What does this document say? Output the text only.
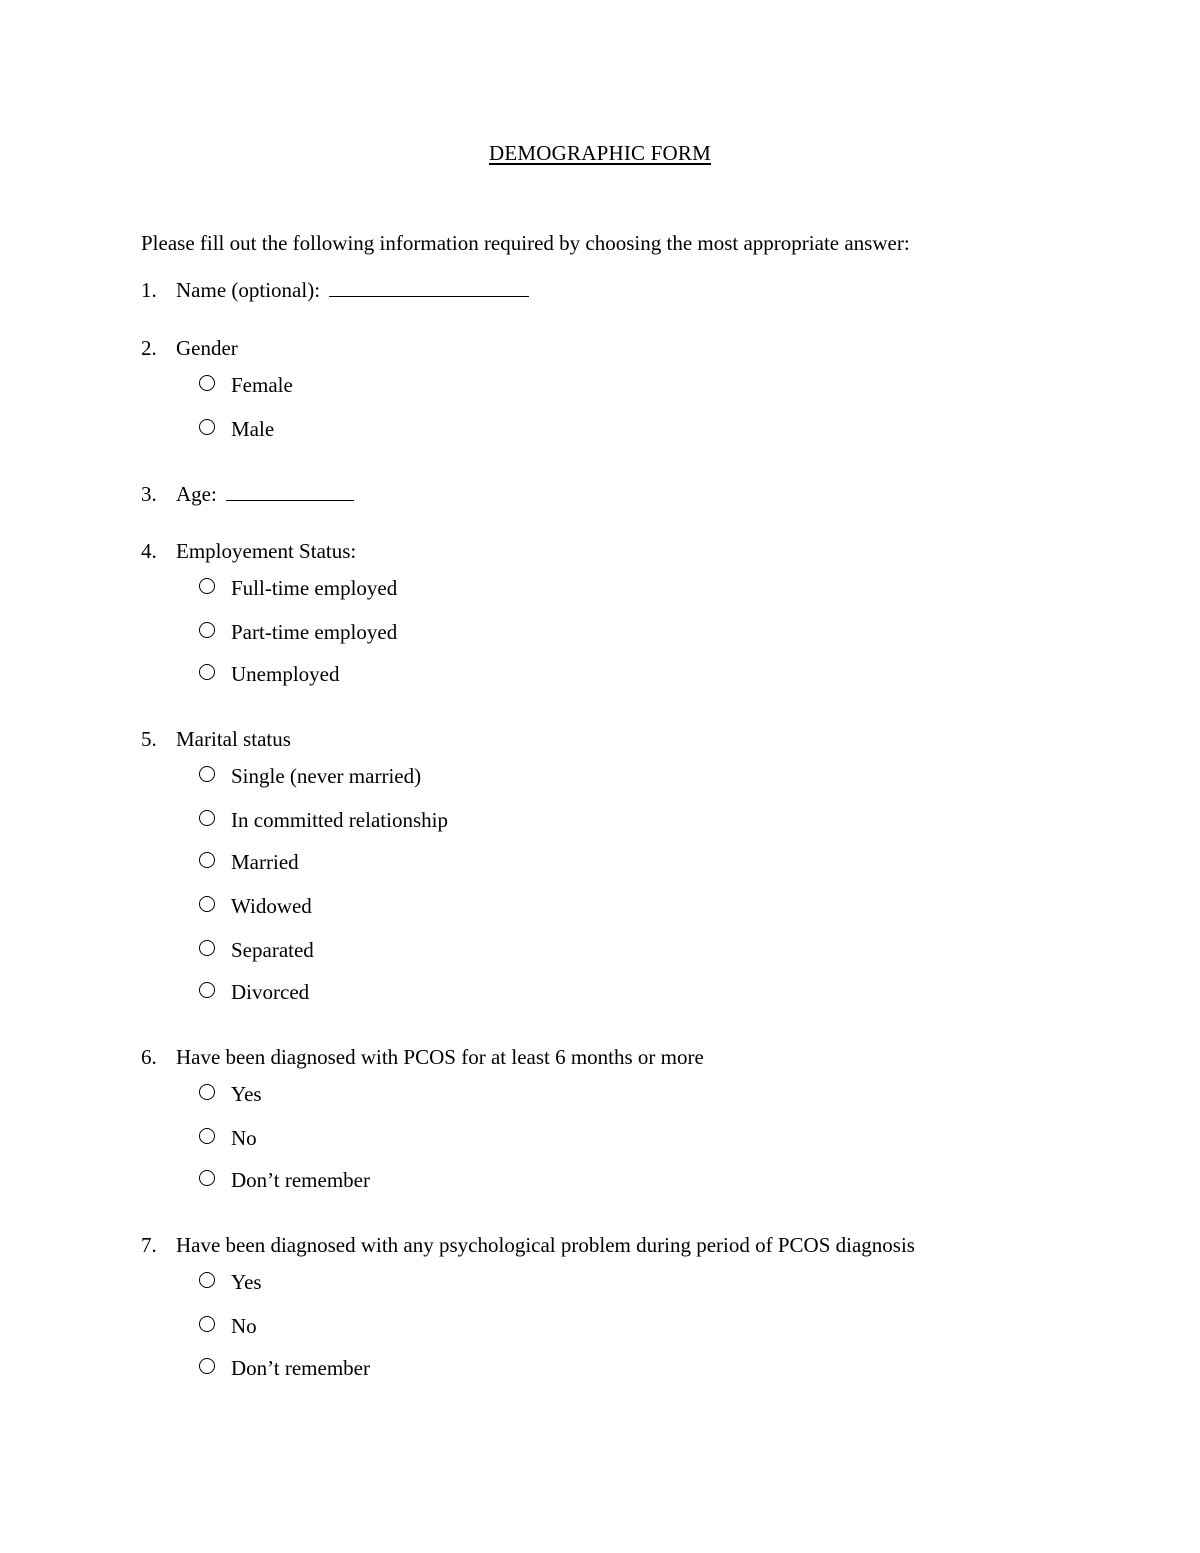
DEMOGRAPHIC FORM
Please fill out the following information required by choosing the most appropriate answer:
1. Name (optional):
2. Gender
Female
Male
3. Age:
4. Employement Status:
Full-time employed
Part-time employed
Unemployed
5. Marital status
Single (never married)
In committed relationship
Married
Widowed
Separated
Divorced
6. Have been diagnosed with PCOS for at least 6 months or more
Yes
No
Don’t remember
7. Have been diagnosed with any psychological problem during period of PCOS diagnosis
Yes
No
Don’t remember
